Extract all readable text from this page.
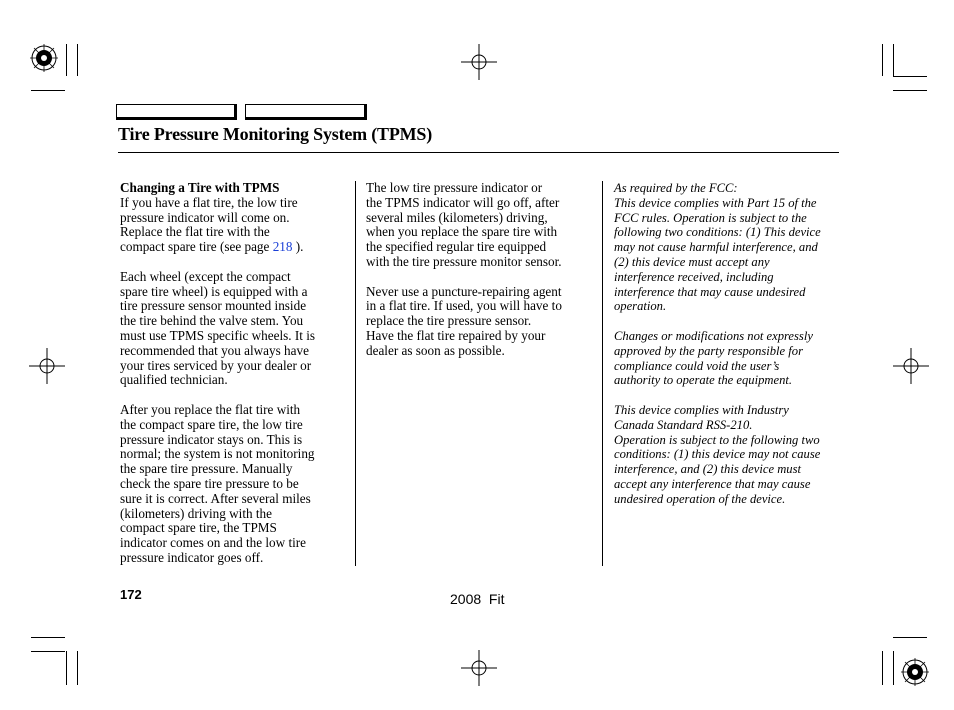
Tire Pressure Monitoring System (TPMS)

Changing a Tire with TPMS

If you have a flat tire, the low tire
pressure indicator will come on.
Replace the flat tire with the
compact spare tire (see page 218 ).

Each wheel (except the compact
spare tire wheel) is equipped with a
tire pressure sensor mounted inside
the tire behind the valve stem. You
must use TPMS specific wheels. It is
recommended that you always have
your tires serviced by your dealer or
qualified technician.

After you replace the flat tire with
the compact spare tire, the low tire
pressure indicator stays on. This is
normal; the system is not monitoring
the spare tire pressure. Manually
check the spare tire pressure to be
sure it is correct. After several miles
(kilometers) driving with the
compact spare tire, the TPMS
indicator comes on and the low tire
pressure indicator goes off.

The low tire pressure indicator or
the TPMS indicator will go off, after
several miles (kilometers) driving,
when you replace the spare tire with
the specified regular tire equipped
with the tire pressure monitor sensor.

Never use a puncture-repairing agent
in a flat tire. If used, you will have to
replace the tire pressure sensor.
Have the flat tire repaired by your
dealer as soon as possible.

As required by the FCC:
This device complies with Part 15 of the
FCC rules. Operation is subject to the
following two conditions: (1) This device
may not cause harmful interference, and
(2) this device must accept any
interference received, including
interference that may cause undesired
operation.

Changes or modifications not expressly
approved by the party responsible for
compliance could void the user’s
authority to operate the equipment.

This device complies with Industry
Canada Standard RSS-210.
Operation is subject to the following two
conditions: (1) this device may not cause
interference, and (2) this device must
accept any interference that may cause
undesired operation of the device.

172	2008  Fit
